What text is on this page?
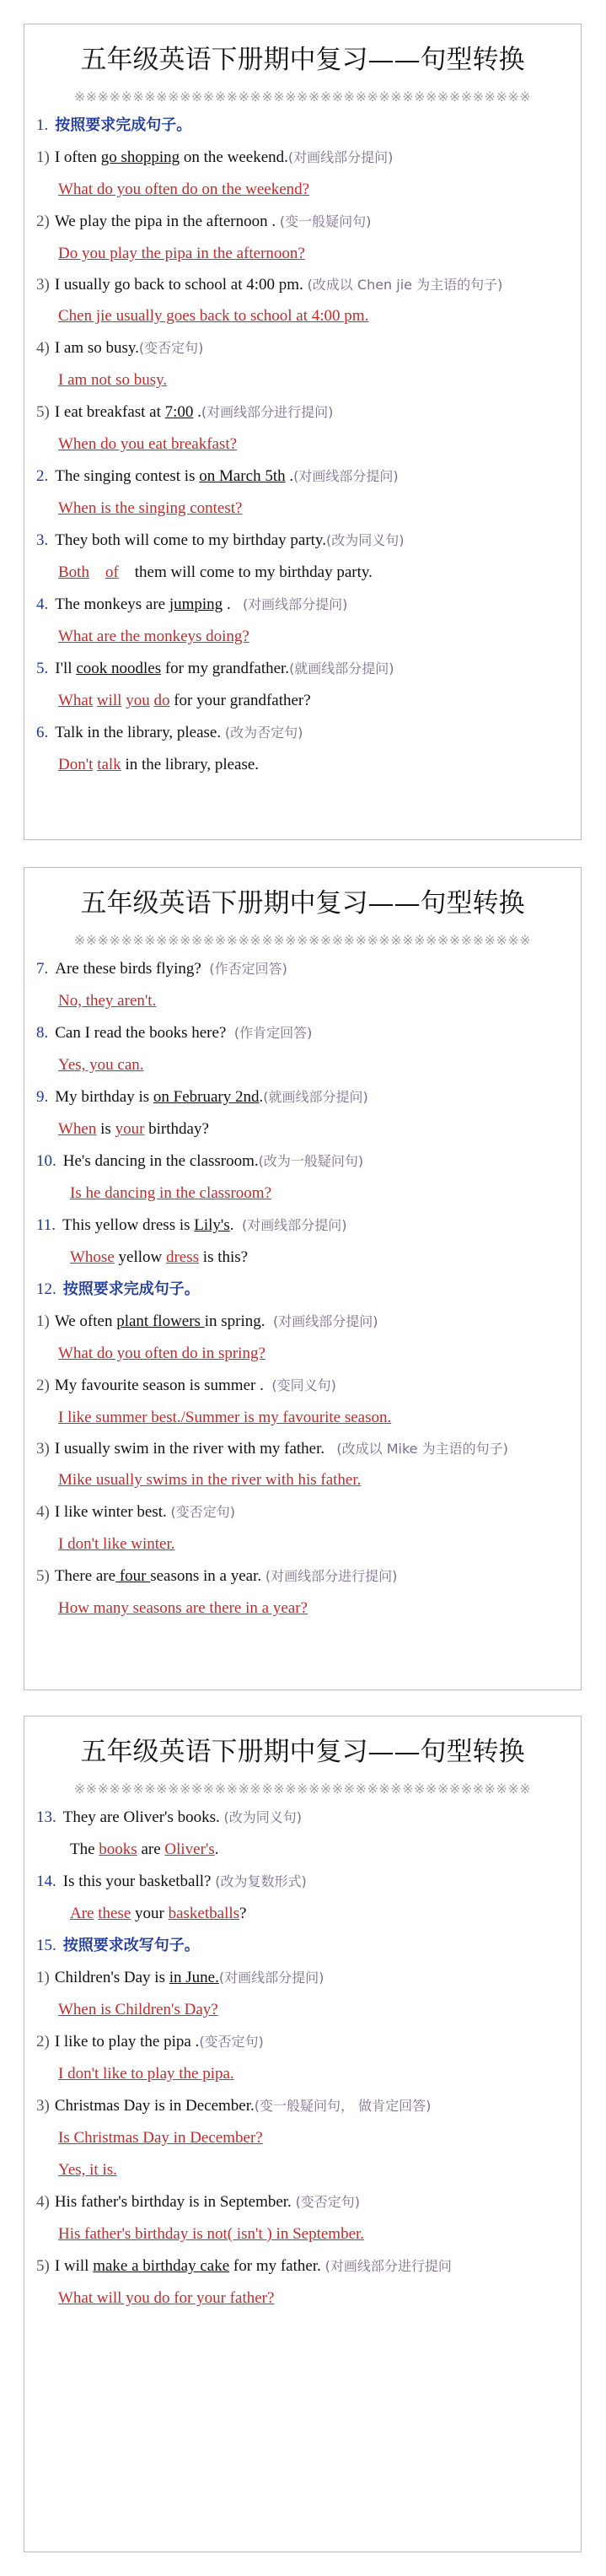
五年级英语下册期中复习——句型转换
※※※※※※※※※※※※※※※※※※※※※※※※※※※※※※※※※※※※※※※
1. 按照要求完成句子。
1) I often go shopping on the weekend.(对画线部分提问)
What do you often do on the weekend?
2) We play the pipa in the afternoon . (变一般疑问句)
Do you play the pipa in the afternoon?
3) I usually go back to school at 4:00 pm. (改成以 Chen jie 为主语的句子)
Chen jie usually goes back to school at 4:00 pm.
4) I am so busy.(变否定句)
I am not so busy.
5) I eat breakfast at 7:00 .(对画线部分进行提问)
When do you eat breakfast?
2. The singing contest is on March 5th .(对画线部分提问)
When is the singing contest?
3. They both will come to my birthday party.(改为同义句)
Both of them will come to my birthday party.
4. The monkeys are jumping . (对画线部分提问)
What are the monkeys doing?
5. I'll cook noodles for my grandfather.(就画线部分提问)
What will you do for your grandfather?
6. Talk in the library, please. (改为否定句)
Don't talk in the library, please.
五年级英语下册期中复习——句型转换
※※※※※※※※※※※※※※※※※※※※※※※※※※※※※※※※※※※※※※※
7. Are these birds flying? (作否定回答)
No, they aren't.
8. Can I read the books here? (作肯定回答)
Yes, you can.
9. My birthday is on February 2nd.(就画线部分提问)
When is your birthday?
10. He's dancing in the classroom.(改为一般疑问句)
Is he dancing in the classroom?
11. This yellow dress is Lily's. (对画线部分提问)
Whose yellow dress is this?
12. 按照要求完成句子。
1) We often plant flowers in spring. (对画线部分提问)
What do you often do in spring?
2) My favourite season is summer . (变同义句)
I like summer best./Summer is my favourite season.
3) I usually swim in the river with my father. (改成以 Mike 为主语的句子)
Mike usually swims in the river with his father.
4) I like winter best. (变否定句)
I don't like winter.
5) There are four seasons in a year. (对画线部分进行提问)
How many seasons are there in a year?
五年级英语下册期中复习——句型转换
※※※※※※※※※※※※※※※※※※※※※※※※※※※※※※※※※※※※※※※
13. They are Oliver's books. (改为同义句)
The books are Oliver's.
14. Is this your basketball? (改为复数形式)
Are these your basketballs?
15. 按照要求改写句子。
1) Children's Day is in June.(对画线部分提问)
When is Children's Day?
2) I like to play the pipa .(变否定句)
I don't like to play the pipa.
3) Christmas Day is in December.(变一般疑问句， 做肯定回答)
Is Christmas Day in December?
Yes, it is.
4) His father's birthday is in September. (变否定句)
His father's birthday is not( isn't ) in September.
5) I will make a birthday cake for my father. (对画线部分进行提问
What will you do for your father?
